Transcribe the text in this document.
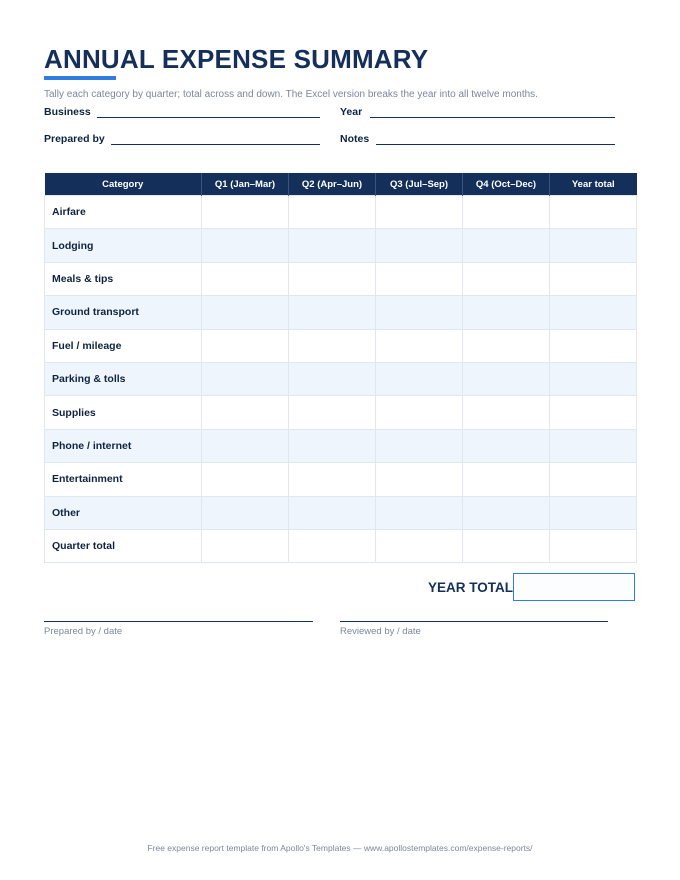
ANNUAL EXPENSE SUMMARY
Tally each category by quarter; total across and down. The Excel version breaks the year into all twelve months.
Business	Year
Prepared by	Notes
Category	Q1 (Jan–Mar)	Q2 (Apr–Jun)	Q3 (Jul–Sep)	Q4 (Oct–Dec)	Year total
Airfare					
Lodging					
Meals & tips					
Ground transport					
Fuel / mileage					
Parking & tolls					
Supplies					
Phone / internet					
Entertainment					
Other					
Quarter total					
YEAR TOTAL
Prepared by / date	Reviewed by / date
Free expense report template from Apollo's Templates — www.apollostemplates.com/expense-reports/
